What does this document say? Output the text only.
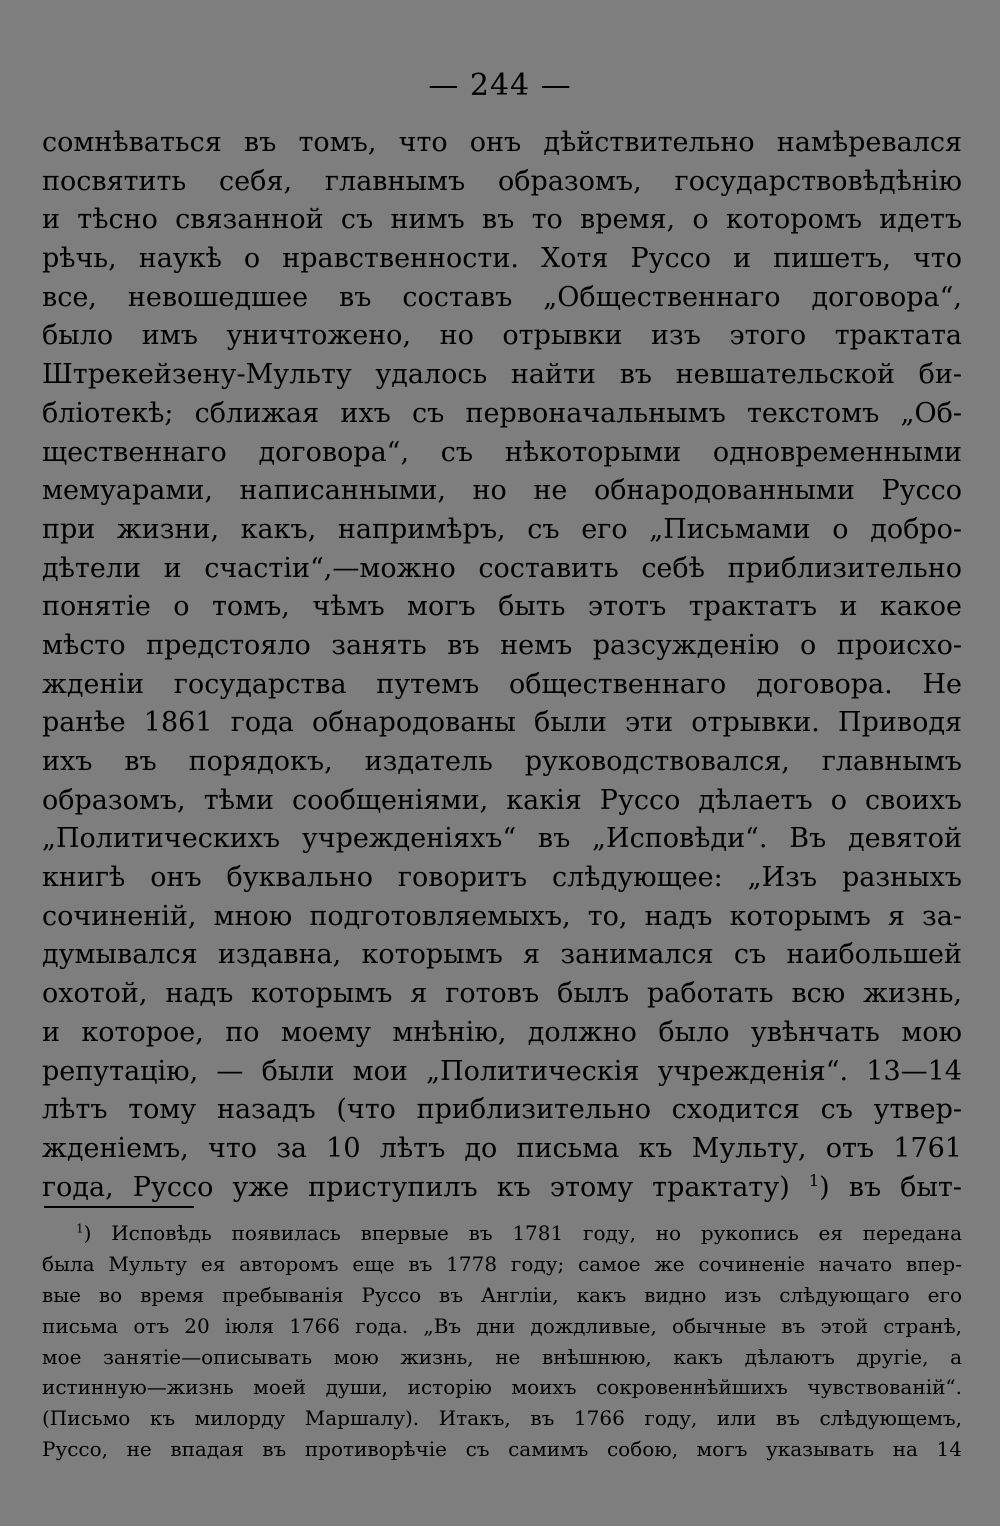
— 244 —
сомнѣваться въ томъ, что онъ дѣйствительно намѣревался
посвятить себя, главнымъ образомъ, государствовѣдѣнію
и тѣсно связанной съ нимъ въ то время, о которомъ идетъ
рѣчь, наукѣ о нравственности. Хотя Руссо и пишетъ, что
все, невошедшее въ составъ „Общественнаго договора“,
было имъ уничтожено, но отрывки изъ этого трактата
Штрекейзену-Мульту удалось найти въ невшательской би-
бліотекѣ; сближая ихъ съ первоначальнымъ текстомъ „Об-
щественнаго договора“, съ нѣкоторыми одновременными
мемуарами, написанными, но не обнародованными Руссо
при жизни, какъ, напримѣръ, съ его „Письмами о добро-
дѣтели и счастіи“,—можно составить себѣ приблизительно
понятіе о томъ, чѣмъ могъ быть этотъ трактатъ и какое
мѣсто предстояло занять въ немъ разсужденію о происхо-
жденіи государства путемъ общественнаго договора. Не
ранѣе 1861 года обнародованы были эти отрывки. Приводя
ихъ въ порядокъ, издатель руководствовался, главнымъ
образомъ, тѣми сообщеніями, какія Руссо дѣлаетъ о своихъ
„Политическихъ учрежденіяхъ“ въ „Исповѣди“. Въ девятой
книгѣ онъ буквально говоритъ слѣдующее: „Изъ разныхъ
сочиненій, мною подготовляемыхъ, то, надъ которымъ я за-
думывался издавна, которымъ я занимался съ наибольшей
охотой, надъ которымъ я готовъ былъ работать всю жизнь,
и которое, по моему мнѣнію, должно было увѣнчать мою
репутацію, — были мои „Политическія учрежденія“. 13—14
лѣтъ тому назадъ (что приблизительно сходится съ утвер-
жденіемъ, что за 10 лѣтъ до письма къ Мульту, отъ 1761
года, Руссо уже приступилъ къ этому трактату) $^1$) въ быт-
$^1$) Исповѣдь появилась впервые въ 1781 году, но рукопись ея передана
была Мульту ея авторомъ еще въ 1778 году; самое же сочиненіе начато впер-
вые во время пребыванія Руссо въ Англіи, какъ видно изъ слѣдующаго его
письма отъ 20 іюля 1766 года. „Въ дни дождливые, обычные въ этой странѣ,
мое занятіе—описывать мою жизнь, не внѣшнюю, какъ дѣлаютъ другіе, а
истинную—жизнь моей души, исторію моихъ сокровеннѣйшихъ чувствованій“.
(Письмо къ милорду Маршалу). Итакъ, въ 1766 году, или въ слѣдующемъ,
Руссо, не впадая въ противорѣчіе съ самимъ собою, могъ указывать на 14
